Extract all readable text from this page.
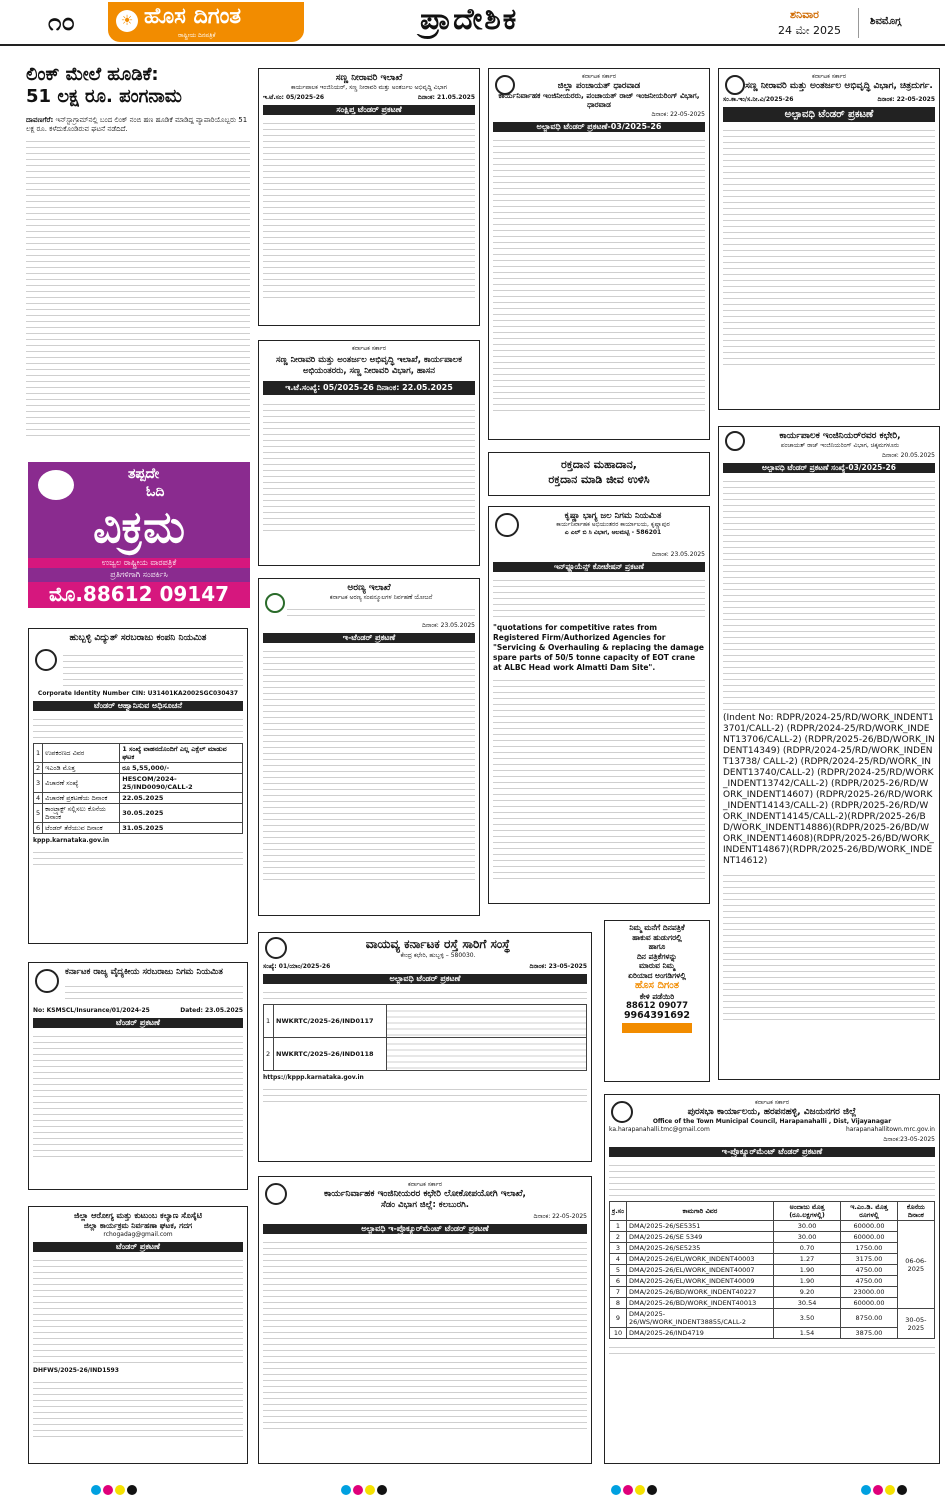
೧೦	☀ ಹೊಸ ದಿಗಂತ
ರಾಷ್ಟ್ರೀಯ ದಿನಪತ್ರಿಕೆ	ಪ್ರಾದೇಶಿಕ	ಶನಿವಾರ
24 ಮೇ 2025
ಶಿವಮೊಗ್ಗ
ಲಿಂಕ್ ಮೇಲೆ ಹೂಡಿಕೆ:
51 ಲಕ್ಷ ರೂ. ಪಂಗನಾಮ
ದಾವಣಗೆರೆ: ಇನ್‌ಸ್ಟಾಗ್ರಾಮ್‌ನಲ್ಲಿ ಬಂದ ಲಿಂಕ್ ನಂಬಿ ಹಣ ಹೂಡಿಕೆ ಮಾಡಿದ್ದ ವ್ಯಾಪಾರಿಯೊಬ್ಬರು 51 ಲಕ್ಷ ರೂ. ಕಳೆದುಕೊಂಡಿರುವ ಘಟನೆ ನಡೆದಿದೆ.
ತಪ್ಪದೇ
ಓದಿ
ವಿಕ್ರಮ
ಉಜ್ವಲ ರಾಷ್ಟ್ರೀಯ ವಾರಪತ್ರಿಕೆ
ಪ್ರತಿಗಳಿಗಾಗಿ ಸಂಪರ್ಕಿಸಿ
ಮೊ.88612 09147
ಹುಬ್ಬಳ್ಳಿ ವಿದ್ಯುತ್ ಸರಬರಾಜು ಕಂಪನಿ ನಿಯಮಿತ
Corporate Identity Number CIN: U31401KA2002SGC030437
ಟೆಂಡರ್ ಆಹ್ವಾನಿಸುವ ಅಧಿಸೂಚನೆ
1	ಉಪಕರಣದ ವಿವರ	1 ಸಂಖ್ಯೆ ವಾಹನದೊಂದಿಗೆ ಎಲ್ಲ ಎಕ್ಸೆಲ್ ಮಾಡುವ ಘಟಕ
2	ಇಎಂಡಿ ಮೊತ್ತ	ರೂ 5,55,000/-
3	ವಿಚಾರಣೆ ಸಂಖ್ಯೆ	HESCOM/2024-25/IND0090/CALL-2
4	ವಿಚಾರಣೆ ಪ್ರಕಟಣೆಯ ದಿನಾಂಕ	22.05.2025
5	ಕಾಂಟ್ರ್ಯಾಕ್ಟ್ ಸಲ್ಲಿಸಲು ಕೊನೆಯ ದಿನಾಂಕ	30.05.2025
6	ಟೆಂಡರ್ ತೆರೆಯುವ ದಿನಾಂಕ	31.05.2025
kppp.karnataka.gov.in
ಕರ್ನಾಟಕ ರಾಜ್ಯ ವೈದ್ಯಕೀಯ ಸರಬರಾಜು ನಿಗಮ ನಿಯಮಿತ
No: KSMSCL/Insurance/01/2024-25	Dated: 23.05.2025
ಟೆಂಡರ್ ಪ್ರಕಟಣೆ
ಜಿಲ್ಲಾ ಆರೋಗ್ಯ ಮತ್ತು ಕುಟುಂಬ ಕಲ್ಯಾಣ ಸೊಸೈಟಿ
ಜಿಲ್ಲಾ ಕಾರ್ಯಕ್ರಮ ನಿರ್ವಹಣಾ ಘಟಕ, ಗದಗ
rchogadag@gmail.com
ಟೆಂಡರ್ ಪ್ರಕಟಣೆ
DHFWS/2025-26/IND1593
ಸಣ್ಣ ನೀರಾವರಿ ಇಲಾಖೆ
ಕಾರ್ಯಪಾಲಕ ಇಂಜಿನಿಯರ್, ಸಣ್ಣ ನೀರಾವರಿ ಮತ್ತು ಅಂತರ್ಜಲ ಅಭಿವೃದ್ಧಿ ವಿಭಾಗ
ಇ.ಟೆ.ಸಂ: 05/2025-26	ದಿನಾಂಕ: 21.05.2025
ಸಂಕ್ಷಿಪ್ತ ಟೆಂಡರ್ ಪ್ರಕಟಣೆ
ಕರ್ನಾಟಕ ಸರ್ಕಾರ
ಸಣ್ಣ ನೀರಾವರಿ ಮತ್ತು ಅಂತರ್ಜಲ ಅಭಿವೃದ್ಧಿ ಇಲಾಖೆ, ಕಾರ್ಯಪಾಲಕ ಅಭಿಯಂತರರು, ಸಣ್ಣ ನೀರಾವರಿ ವಿಭಾಗ, ಹಾಸನ
ಇ.ಟೆ.ಸಂಖ್ಯೆ: 05/2025-26 ದಿನಾಂಕ: 22.05.2025
ಅರಣ್ಯ ಇಲಾಖೆ
ಕರ್ನಾಟಕ ಅರಣ್ಯ ಸಂಪನ್ಮೂಲಗಳ ನಿರ್ವಹಣೆ ಯೋಜನೆ
ದಿನಾಂಕ: 23.05.2025
ಇ-ಟೆಂಡರ್ ಪ್ರಕಟಣೆ
ಕರ್ನಾಟಕ ಸರ್ಕಾರ
ಜಿಲ್ಲಾ ಪಂಚಾಯತ್ ಧಾರವಾಡ
ಕಾರ್ಯನಿರ್ವಾಹಕ ಇಂಜಿನೀಯರರು, ಪಂಚಾಯತ್ ರಾಜ್ ಇಂಜನೀಯರಿಂಗ್ ವಿಭಾಗ, ಧಾರವಾಡ
ದಿನಾಂಕ: 22-05-2025
ಅಲ್ಪಾವಧಿ ಟೆಂಡರ್ ಪ್ರಕಟಣೆ-03/2025-26
ರಕ್ತದಾನ ಮಹಾದಾನ,
ರಕ್ತದಾನ ಮಾಡಿ ಜೀವ ಉಳಿಸಿ
ಕೃಷ್ಣಾ ಭಾಗ್ಯ ಜಲ ನಿಗಮ ನಿಯಮಿತ
ಕಾರ್ಯನಿರ್ವಾಹಕ ಅಭಿಯಂತರರ ಕಾರ್ಯಾಲಯ, ಕೃಷ್ಣಾಪುರ
ಎ ಎಲ್ ಬಿ ಸಿ ವಿಭಾಗ, ಆಲಮಟ್ಟಿ - 586201
ದಿನಾಂಕ: 23.05.2025
ಇನ್‌ಫ್ಲೂಯೆನ್ಸ್ ಕೋಟೇಷನ್ ಪ್ರಕಟಣೆ
"quotations for competitive rates from Registered Firm/Authorized Agencies for "Servicing & Overhauling & replacing the damage spare parts of 50/5 tonne capacity of EOT crane at ALBC Head work Almatti Dam Site".
ನಿಮ್ಮ ಮನೆಗೆ ದಿನಪತ್ರಿಕೆ
ಹಾಕುವ ಹುಡುಗರಲ್ಲಿ
ಹಾಗೂ
ದಿನ ಪತ್ರಿಕೆಗಳನ್ನು
ಮಾರುವ ನಿಮ್ಮ
ಏರಿಯಾದ ಅಂಗಡಿಗಳಲ್ಲಿ
ಹೊಸ ದಿಗಂತ
ಕೇಳಿ ಪಡೆಯಿರಿ
88612 09077
9964391692
ವಾಯವ್ಯ ಕರ್ನಾಟಕ ರಸ್ತೆ ಸಾರಿಗೆ ಸಂಸ್ಥೆ
ಕೇಂದ್ರ ಕಛೇರಿ, ಹುಬ್ಬಳ್ಳಿ – 580030.
ಸಂಖ್ಯೆ: 01/ಯಾಂ/2025-26	ದಿನಾಂಕ: 23-05-2025
ಅಲ್ಪಾವಧಿ ಟೆಂಡರ್ ಪ್ರಕಟಣೆ
1	NWKRTC/2025-26/IND0117	
2	NWKRTC/2025-26/IND0118	
https://kppp.karnataka.gov.in
ಕರ್ನಾಟಕ ಸರ್ಕಾರ
ಕಾರ್ಯನಿರ್ವಾಹಕ ಇಂಜಿನೀಯರರ ಕಛೇರಿ ಲೋಕೋಪಯೋಗಿ ಇಲಾಖೆ,
ಸೆಡಂ ವಿಭಾಗ ಜಿಲ್ಲೆ: ಕಲಬುರಗಿ.
ದಿನಾಂಕ: 22-05-2025
ಅಲ್ಪಾವಧಿ ಇ-ಪ್ರೊಕ್ಯೂರ್‌ಮೆಂಟ್ ಟೆಂಡರ್ ಪ್ರಕಟಣೆ
ಕರ್ನಾಟಕ ಸರ್ಕಾರ
ಸಣ್ಣ ನೀರಾವರಿ ಮತ್ತು ಅಂತರ್ಜಲ ಅಭಿವೃದ್ಧಿ ವಿಭಾಗ, ಚಿತ್ರದುರ್ಗ.
ಸಂ.ಕಾ.ಇಂ/ಸ.ನೀ.ವಿ/2025-26	ದಿನಾಂಕ: 22-05-2025
ಅಲ್ಪಾವಧಿ ಟೆಂಡರ್ ಪ್ರಕಟಣೆ
ಕಾರ್ಯಪಾಲಕ ಇಂಜಿನಿಯರ್‌ರವರ ಕಛೇರಿ,
ಪಂಚಾಯತ್ ರಾಜ್ ಇಂಜಿನಿಯರಿಂಗ್ ವಿಭಾಗ, ಚಿಕ್ಕಮಗಳೂರು
ದಿನಾಂಕ: 20.05.2025
ಅಲ್ಪಾವಧಿ ಟೆಂಡರ್ ಪ್ರಕಟಣೆ ಸಂಖ್ಯೆ-03/2025-26
(Indent No: RDPR/2024-25/RD/WORK_INDENT13701/CALL-2) (RDPR/2024-25/RD/WORK_INDENT13706/CALL-2) (RDPR/2025-26/BD/WORK_INDENT14349) (RDPR/2024-25/RD/WORK_INDENT13738/ CALL-2) (RDPR/2024-25/RD/WORK_INDENT13740/CALL-2) (RDPR/2024-25/RD/WORK_INDENT13742/CALL-2) (RDPR/2025-26/RD/WORK_INDENT14607) (RDPR/2025-26/RD/WORK_INDENT14143/CALL-2) (RDPR/2025-26/RD/WORK_INDENT14145/CALL-2)(RDPR/2025-26/BD/WORK_INDENT14886)(RDPR/2025-26/BD/WORK_INDENT14608)(RDPR/2025-26/BD/WORK_INDENT14867)(RDPR/2025-26/BD/WORK_INDENT14612)
ಕರ್ನಾಟಕ ಸರ್ಕಾರ
ಪುರಸಭಾ ಕಾರ್ಯಾಲಯ, ಹರಪನಹಳ್ಳಿ, ವಿಜಯನಗರ ಜಿಲ್ಲೆ
Office of the Town Municipal Council, Harapanahalli , Dist, Vijayanagar
ka.harapanahalli.tmc@gmail.com	harapanahallitown.mrc.gov.in
ದಿನಾಂಕ:23-05-2025
ಇ-ಪ್ರೊಕ್ಯೂರ್‌ಮೆಂಟ್ ಟೆಂಡರ್ ಪ್ರಕಟಣೆ
ಕ್ರ.ಸಂ	ಕಾಮಗಾರಿ ವಿವರ	ಅಂದಾಜು ಮೊತ್ತ (ರೂ.ಲಕ್ಷಗಳಲ್ಲಿ)	ಇ.ಎಂ.ಡಿ. ಮೊತ್ತ ರೂಗಳಲ್ಲಿ	ಕೊನೆಯ ದಿನಾಂಕ
1	DMA/2025-26/SE5351	30.00	60000.00	06-06-2025
2	DMA/2025-26/SE 5349	30.00	60000.00	
3	DMA/2025-26/SE5235	0.70	1750.00	
4	DMA/2025-26/EL/WORK_INDENT40003	1.27	3175.00	
5	DMA/2025-26/EL/WORK_INDENT40007	1.90	4750.00	
6	DMA/2025-26/EL/WORK_INDENT40009	1.90	4750.00	
7	DMA/2025-26/BD/WORK_INDENT40227	9.20	23000.00	
8	DMA/2025-26/BD/WORK_INDENT40013	30.54	60000.00	
9	DMA/2025-26/WS/WORK_INDENT38855/CALL-2	3.50	8750.00	30-05-2025
10	DMA/2025-26/IND4719	1.54	3875.00	
